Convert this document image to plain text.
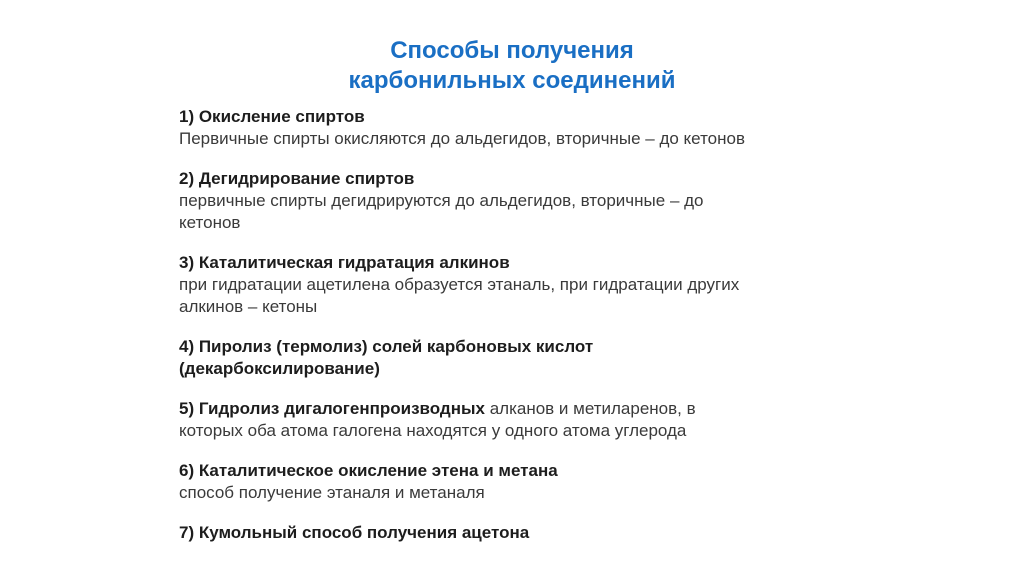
Способы получения
карбонильных соединений
1) Окисление спиртов
Первичные спирты окисляются до альдегидов, вторичные – до кетонов
2) Дегидрирование спиртов
первичные спирты дегидрируются до альдегидов, вторичные – до
кетонов
3) Каталитическая гидратация алкинов
при гидратации ацетилена образуется этаналь, при гидратации других
алкинов – кетоны
4) Пиролиз (термолиз) солей карбоновых кислот
(декарбоксилирование)
5) Гидролиз дигалогенпроизводных алканов и метиларенов, в
которых оба атома галогена находятся у одного атома углерода
6) Каталитическое окисление этена и метана
способ получение этаналя и метаналя
7) Кумольный способ получения ацетона
